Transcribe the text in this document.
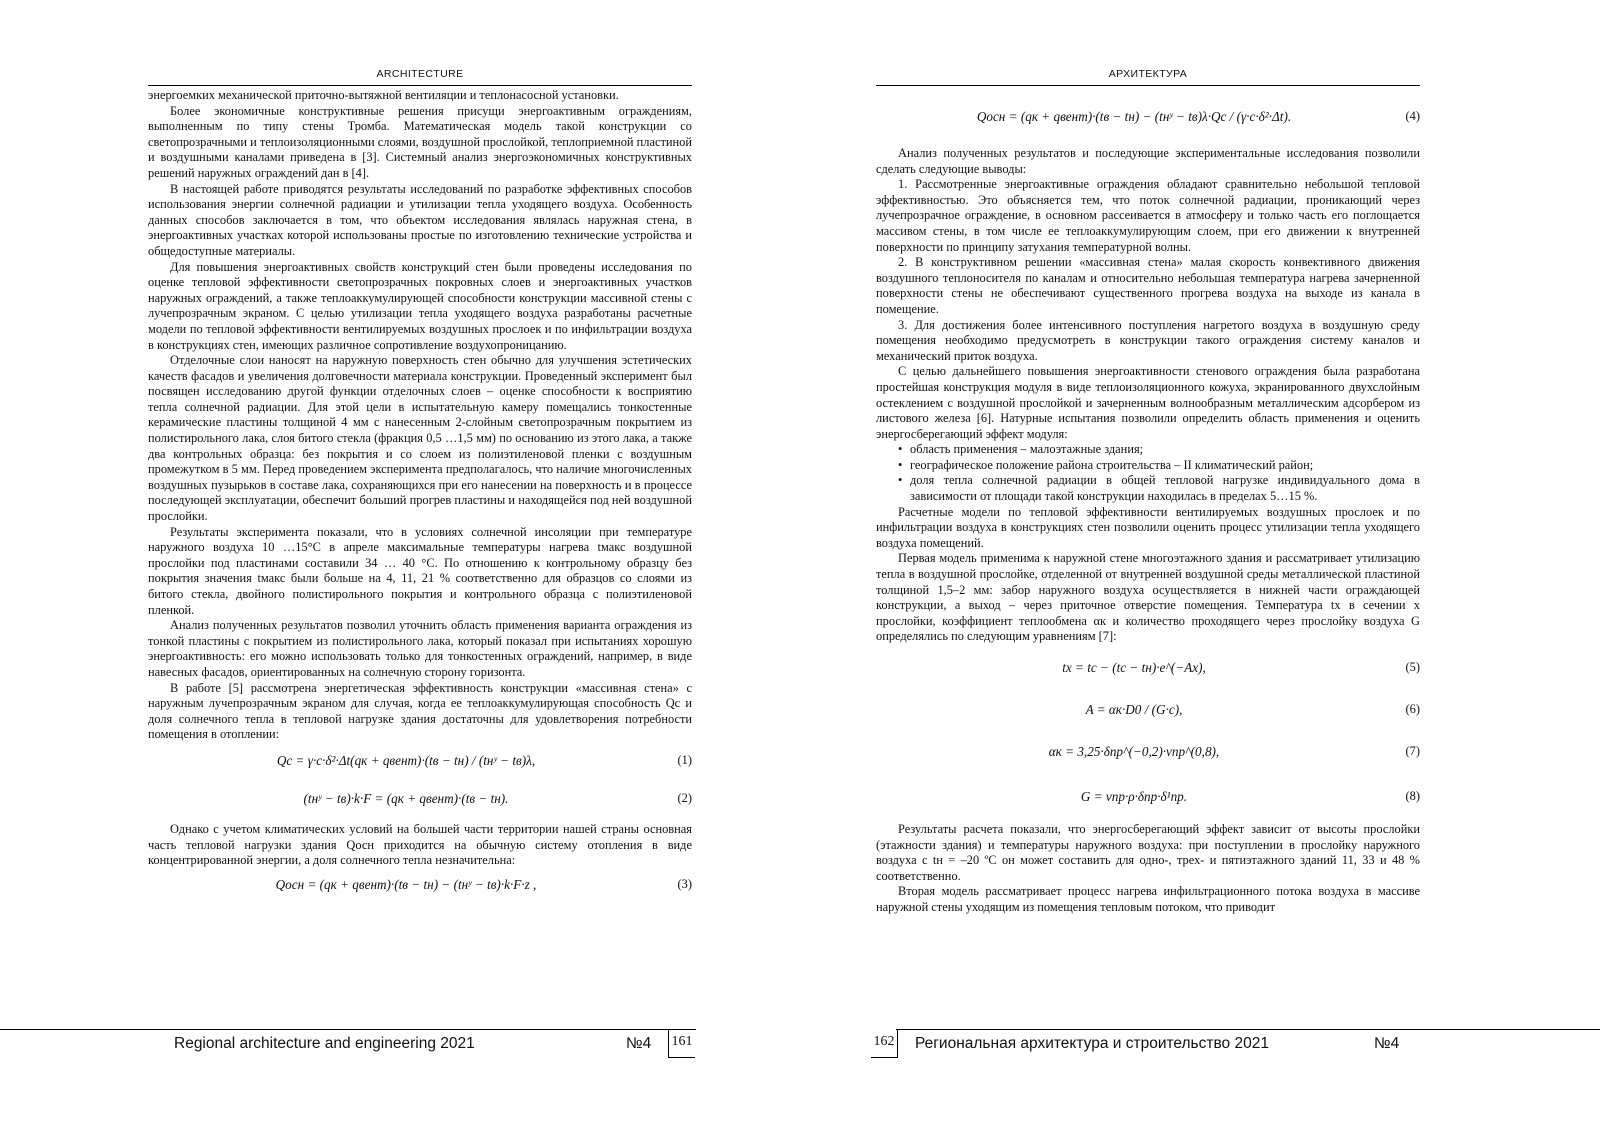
ARCHITECTURE

энергоемких механической приточно-вытяжной вентиляции и теплонасосной установки.

Более экономичные конструктивные решения присущи энергоактивным ограждениям, выполненным по типу стены Тромба. Математическая модель такой конструкции со светопрозрачными и теплоизоляционными слоями, воздушной прослойкой, теплоприемной пластиной и воздушными каналами приведена в [3]. Системный анализ энергоэкономичных конструктивных решений наружных ограждений дан в [4].

В настоящей работе приводятся результаты исследований по разработке эффективных способов использования энергии солнечной радиации и утилизации тепла уходящего воздуха. Особенность данных способов заключается в том, что объектом исследования являлась наружная стена, в энергоактивных участках которой использованы простые по изготовлению технические устройства и общедоступные материалы.

Для повышения энергоактивных свойств конструкций стен были проведены исследования по оценке тепловой эффективности светопрозрачных покровных слоев и энергоактивных участков наружных ограждений, а также теплоаккумулирующей способности конструкции массивной стены с лучепрозрачным экраном. С целью утилизации тепла уходящего воздуха разработаны расчетные модели по тепловой эффективности вентилируемых воздушных прослоек и по инфильтрации воздуха в конструкциях стен, имеющих различное сопротивление воздухопроницанию.

Отделочные слои наносят на наружную поверхность стен обычно для улучшения эстетических качеств фасадов и увеличения долговечности материала конструкции. Проведенный эксперимент был посвящен исследованию другой функции отделочных слоев – оценке способности к восприятию тепла солнечной радиации. Для этой цели в испытательную камеру помещались тонкостенные керамические пластины толщиной 4 мм с нанесенным 2-слойным светопрозрачным покрытием из полистирольного лака, слоя битого стекла (фракция 0,5 …1,5 мм) по основанию из этого лака, а также два контрольных образца: без покрытия и со слоем из полиэтиленовой пленки с воздушным промежутком в 5 мм. Перед проведением эксперимента предполагалось, что наличие многочисленных воздушных пузырьков в составе лака, сохраняющихся при его нанесении на поверхность и в процессе последующей эксплуатации, обеспечит больший прогрев пластины и находящейся под ней воздушной прослойки.

Результаты эксперимента показали, что в условиях солнечной инсоляции при температуре наружного воздуха 10 …15°C в апреле максимальные температуры нагрева tмакс воздушной прослойки под пластинами составили 34 … 40 °C. По отношению к контрольному образцу без покрытия значения tмакс были больше на 4, 11, 21 % соответственно для образцов со слоями из битого стекла, двойного полистирольного покрытия и контрольного образца с полиэтиленовой пленкой.

Анализ полученных результатов позволил уточнить область применения варианта ограждения из тонкой пластины с покрытием из полистирольного лака, который показал при испытаниях хорошую энергоактивность: его можно использовать только для тонкостенных ограждений, например, в виде навесных фасадов, ориентированных на солнечную сторону горизонта.

В работе [5] рассмотрена энергетическая эффективность конструкции «массивная стена» с наружным лучепрозрачным экраном для случая, когда ее теплоаккумулирующая способность Qс и доля солнечного тепла в тепловой нагрузке здания достаточны для удовлетворения потребности помещения в отоплении:

Qс = γ·c·δ²·Δt(qк + qвент)·(tв − tн) / (tнʸ − tв)λ,	(1)
(tнʸ − tв)·k·F = (qк + qвент)·(tв − tн).	(2)

Однако с учетом климатических условий на большей части территории нашей страны основная часть тепловой нагрузки здания Qосн приходится на обычную систему отопления в виде концентрированной энергии, а доля солнечного тепла незначительна:

Qосн = (qк + qвент)·(tв − tн) − (tнʸ − tв)·k·F·z ,	(3)
Regional architecture and engineering 2021	№4	161
АРХИТЕКТУРА
Qосн = (qк + qвент)·(tв − tн) − (tнʸ − tв)λ·Qс / (γ·c·δ²·Δt).	(4)

Анализ полученных результатов и последующие экспериментальные исследования позволили сделать следующие выводы:

1. Рассмотренные энергоактивные ограждения обладают сравнительно небольшой тепловой эффективностью. Это объясняется тем, что поток солнечной радиации, проникающий через лучепрозрачное ограждение, в основном рассеивается в атмосферу и только часть его поглощается массивом стены, в том числе ее теплоаккумулирующим слоем, при его движении к внутренней поверхности по принципу затухания температурной волны.

2. В конструктивном решении «массивная стена» малая скорость конвективного движения воздушного теплоносителя по каналам и относительно небольшая температура нагрева зачерненной поверхности стены не обеспечивают существенного прогрева воздуха на выходе из канала в помещение.

3. Для достижения более интенсивного поступления нагретого воздуха в воздушную среду помещения необходимо предусмотреть в конструкции такого ограждения систему каналов и механический приток воздуха.

С целью дальнейшего повышения энергоактивности стенового ограждения была разработана простейшая конструкция модуля в виде теплоизоляционного кожуха, экранированного двухслойным остеклением с воздушной прослойкой и зачерненным волнообразным металлическим адсорбером из листового железа [6]. Натурные испытания позволили определить область применения и оценить энергосберегающий эффект модуля:

• область применения – малоэтажные здания;
• географическое положение района строительства – II климатический район;
• доля тепла солнечной радиации в общей тепловой нагрузке индивидуального дома в зависимости от площади такой конструкции находилась в пределах 5…15 %.

Расчетные модели по тепловой эффективности вентилируемых воздушных прослоек и по инфильтрации воздуха в конструкциях стен позволили оценить процесс утилизации тепла уходящего воздуха помещений.

Первая модель применима к наружной стене многоэтажного здания и рассматривает утилизацию тепла в воздушной прослойке, отделенной от внутренней воздушной среды металлической пластиной толщиной 1,5–2 мм: забор наружного воздуха осуществляется в нижней части ограждающей конструкции, а выход – через приточное отверстие помещения. Температура tx в сечении x прослойки, коэффициент теплообмена αк и количество проходящего через прослойку воздуха G определялись по следующим уравнениям [7]:

tx = tс − (tс − tн)·e^(−Ax),	(5)
A = αк·D0 / (G·c),	(6)
αк = 3,25·δпр^(−0,2)·vпр^(0,8),	(7)
G = vпр·ρ·δпр·δ¹пр.	(8)

Результаты расчета показали, что энергосберегающий эффект зависит от высоты прослойки (этажности здания) и температуры наружного воздуха: при поступлении в прослойку наружного воздуха с tн = –20 ºС он может составить для одно-, трех- и пятиэтажного зданий 11, 33 и 48 % соответственно.

Вторая модель рассматривает процесс нагрева инфильтрационного потока воздуха в массиве наружной стены уходящим из помещения тепловым потоком, что приводит

162 Региональная архитектура и строительство 2021	№4
